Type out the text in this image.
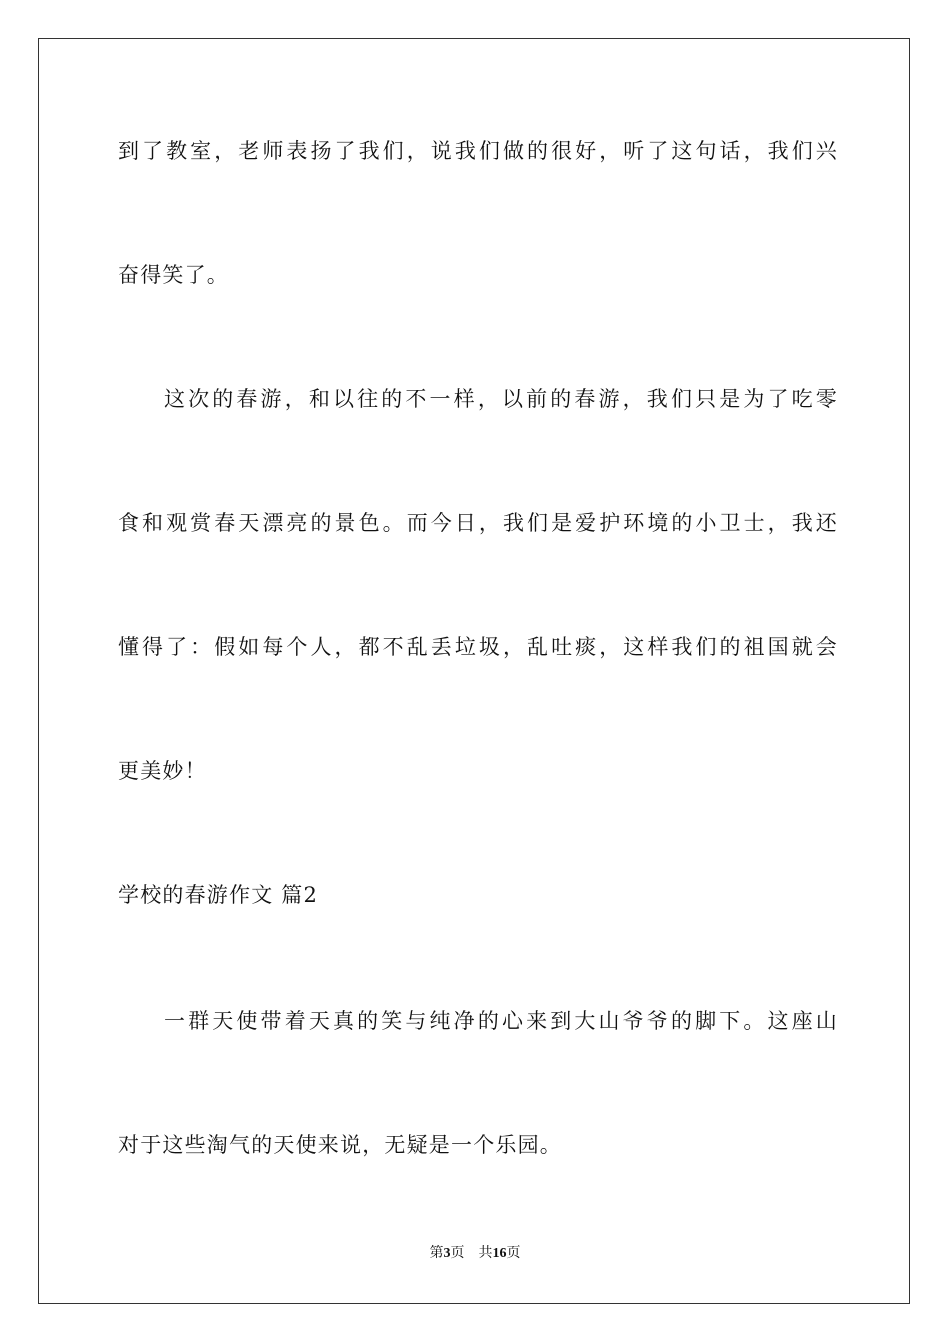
到了教室，老师表扬了我们，说我们做的很好，听了这句话，我们兴
奋得笑了。
这次的春游，和以往的不一样，以前的春游，我们只是为了吃零
食和观赏春天漂亮的景色。而今日，我们是爱护环境的小卫士，我还
懂得了：假如每个人，都不乱丢垃圾，乱吐痰，这样我们的祖国就会
更美妙！
学校的春游作文 篇2
一群天使带着天真的笑与纯净的心来到大山爷爷的脚下。这座山
对于这些淘气的天使来说，无疑是一个乐园。
第3页 共16页
